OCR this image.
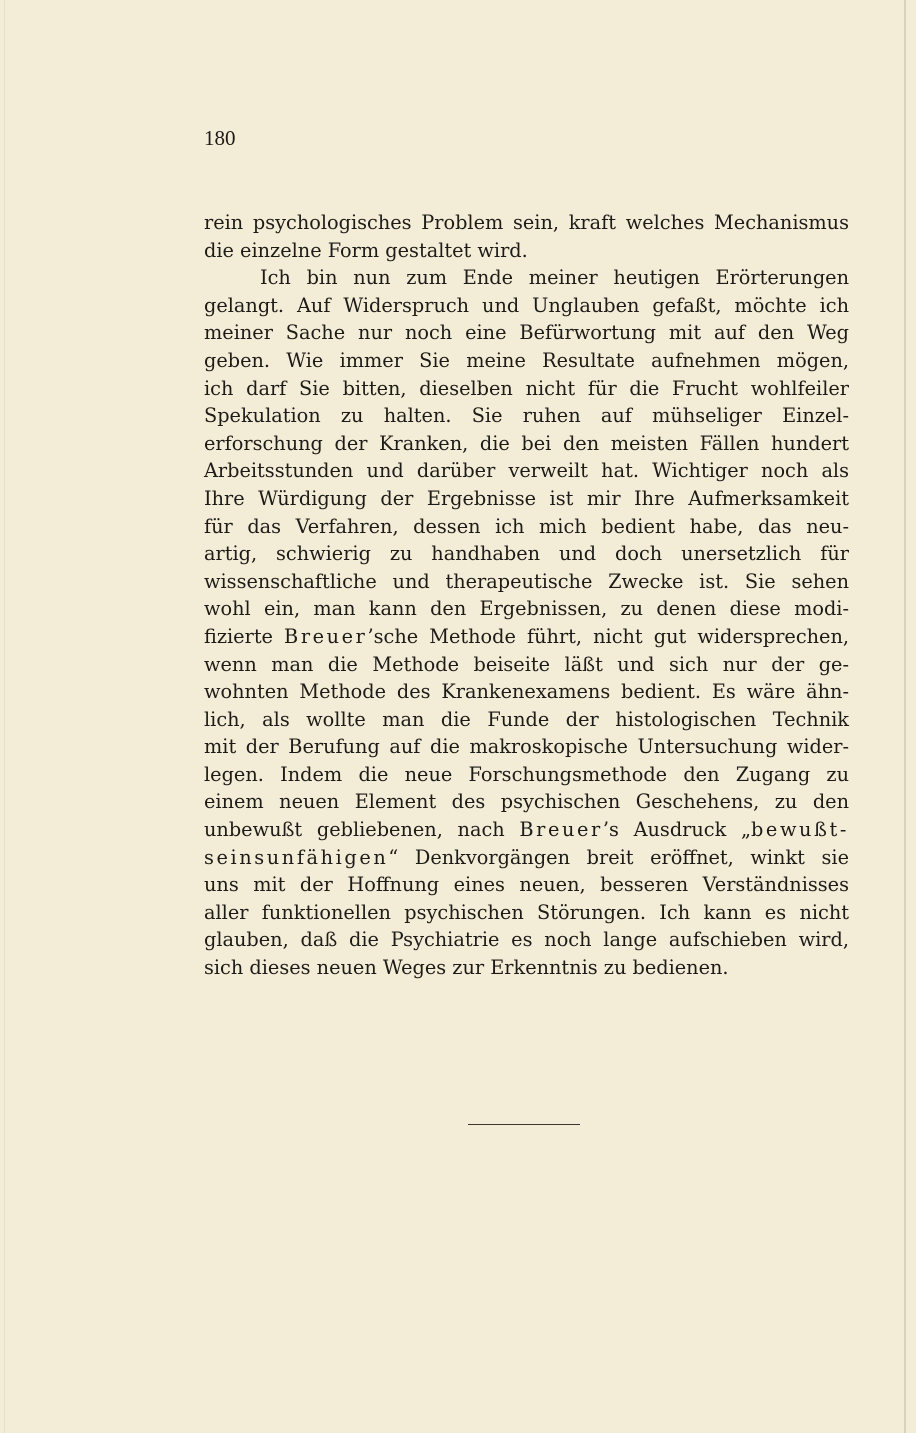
180
rein psychologisches Problem sein, kraft welches Mechanismus
die einzelne Form gestaltet wird.
Ich bin nun zum Ende meiner heutigen Erörterungen
gelangt. Auf Widerspruch und Unglauben gefaßt, möchte ich
meiner Sache nur noch eine Befürwortung mit auf den Weg
geben. Wie immer Sie meine Resultate aufnehmen mögen,
ich darf Sie bitten, dieselben nicht für die Frucht wohlfeiler
Spekulation zu halten. Sie ruhen auf mühseliger Einzel-
erforschung der Kranken, die bei den meisten Fällen hundert
Arbeitsstunden und darüber verweilt hat. Wichtiger noch als
Ihre Würdigung der Ergebnisse ist mir Ihre Aufmerksamkeit
für das Verfahren, dessen ich mich bedient habe, das neu-
artig, schwierig zu handhaben und doch unersetzlich für
wissenschaftliche und therapeutische Zwecke ist. Sie sehen
wohl ein, man kann den Ergebnissen, zu denen diese modi-
fizierte Breuer’sche Methode führt, nicht gut widersprechen,
wenn man die Methode beiseite läßt und sich nur der ge-
wohnten Methode des Krankenexamens bedient. Es wäre ähn-
lich, als wollte man die Funde der histologischen Technik
mit der Berufung auf die makroskopische Untersuchung wider-
legen. Indem die neue Forschungsmethode den Zugang zu
einem neuen Element des psychischen Geschehens, zu den
unbewußt gebliebenen, nach Breuer’s Ausdruck „bewußt-
seinsunfähigen“ Denkvorgängen breit eröffnet, winkt sie
uns mit der Hoffnung eines neuen, besseren Verständnisses
aller funktionellen psychischen Störungen. Ich kann es nicht
glauben, daß die Psychiatrie es noch lange aufschieben wird,
sich dieses neuen Weges zur Erkenntnis zu bedienen.
